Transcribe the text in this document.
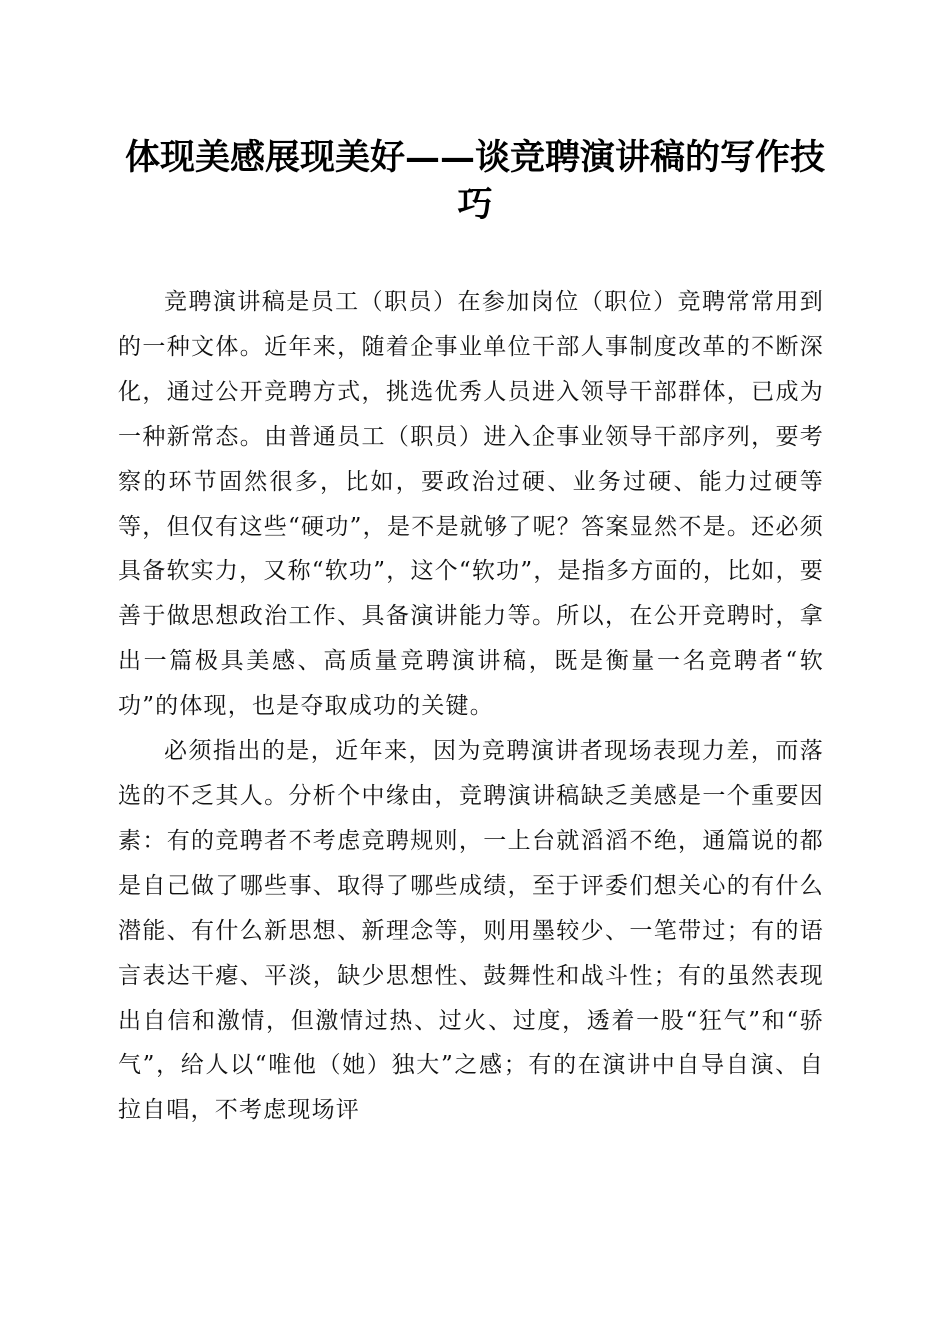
体现美感展现美好——谈竞聘演讲稿的写作技巧

竞聘演讲稿是员工（职员）在参加岗位（职位）竞聘常常用到的一种文体。近年来，随着企事业单位干部人事制度改革的不断深化，通过公开竞聘方式，挑选优秀人员进入领导干部群体，已成为一种新常态。由普通员工（职员）进入企事业领导干部序列，要考察的环节固然很多，比如，要政治过硬、业务过硬、能力过硬等等，但仅有这些“硬功”，是不是就够了呢？答案显然不是。还必须具备软实力，又称“软功”，这个“软功”，是指多方面的，比如，要善于做思想政治工作、具备演讲能力等。所以，在公开竞聘时，拿出一篇极具美感、高质量竞聘演讲稿，既是衡量一名竞聘者“软功”的体现，也是夺取成功的关键。

必须指出的是，近年来，因为竞聘演讲者现场表现力差，而落选的不乏其人。分析个中缘由，竞聘演讲稿缺乏美感是一个重要因素：有的竞聘者不考虑竞聘规则，一上台就滔滔不绝，通篇说的都是自己做了哪些事、取得了哪些成绩，至于评委们想关心的有什么潜能、有什么新思想、新理念等，则用墨较少、一笔带过；有的语言表达干瘪、平淡，缺少思想性、鼓舞性和战斗性；有的虽然表现出自信和激情，但激情过热、过火、过度，透着一股“狂气”和“骄气”，给人以“唯他（她）独大”之感；有的在演讲中自导自演、自拉自唱，不考虑现场评
